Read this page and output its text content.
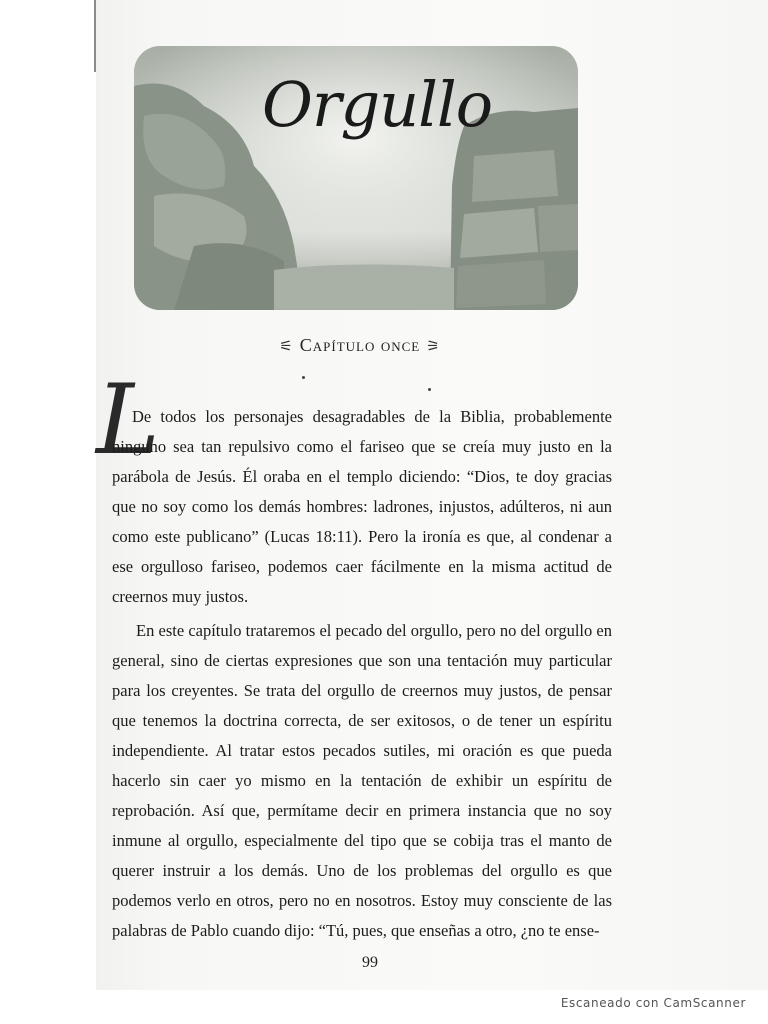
Orgullo
⚟ Capítulo once ⚞
L

De todos los personajes desagradables de la Biblia, probablemente ninguno sea tan repulsivo como el fariseo que se creía muy justo en la parábola de Jesús. Él oraba en el templo diciendo: “Dios, te doy gracias que no soy como los demás hombres: ladrones, injustos, adúlteros, ni aun como este publicano” (Lucas 18:11). Pero la ironía es que, al condenar a ese orgulloso fariseo, podemos caer fácilmente en la misma actitud de creernos muy justos.

En este capítulo trataremos el pecado del orgullo, pero no del orgullo en general, sino de ciertas expresiones que son una tentación muy particular para los creyentes. Se trata del orgullo de creernos muy justos, de pensar que tenemos la doctrina correcta, de ser exitosos, o de tener un espíritu independiente. Al tratar estos pecados sutiles, mi oración es que pueda hacerlo sin caer yo mismo en la tentación de exhibir un espíritu de reprobación. Así que, permítame decir en primera instancia que no soy inmune al orgullo, especialmente del tipo que se cobija tras el manto de querer instruir a los demás. Uno de los problemas del orgullo es que podemos verlo en otros, pero no en nosotros. Estoy muy consciente de las palabras de Pablo cuando dijo: “Tú, pues, que enseñas a otro, ¿no te ense-

99
Escaneado con CamScanner
